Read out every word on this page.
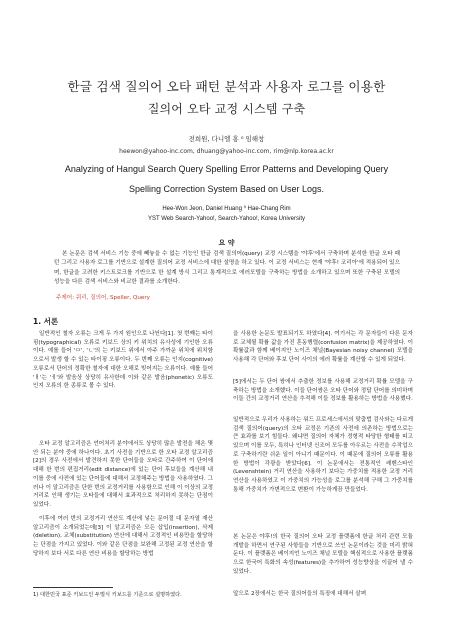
한글 검색 질의어 오타 패턴 분석과 사용자 로그를 이용한
질의어 오타 교정 시스템 구축
전희원, 다니엘 홍 ⁰ 임해창
heewon@yahoo-inc.com, dhuang@yahoo-inc.com, rim@nlp.korea.ac.kr
Analyzing of Hangul Search Query Spelling Error Patterns and Developing Query
Spelling Correction System Based on User Logs.
Hee-Won Jeon, Daniel Huang ⁰ Hae-Chang Rim
YST Web Search-Yahoo!, Search-Yahoo!, Korea University
요 약

본 논문은 검색 서비스 기능 중에 빼놓을 수 없는 기능인 한글 검색 질의어(query) 교정 시스템을 '야후'에서 구축하며 분석한 한글 오타 패턴 그리고 사용자 로그를 기반으로 설계한 질의어 교정 서비스에 대한 설명을 하고 있다. 이 교정 서비스는 현재 '야후! 코리아'에 적용되어 있으며, 한글을 고려한 키스트로크를 기반으로 한 설계 방식 그리고 통계적으로 에러모델을 구축하는 방법을 소개하고 있으며 또한 구축된 모델의 성능을 다른 검색 서비스와 비교한 결과를 소개한다.

주제어: 쿼리, 질의어, Speller, Query
1. 서론

일반적인 철자 오류는 크게 두 가지 원인으로 나뉜다[1]. 첫 번째는 타이핑(typographical) 오류로 키보드 상의 키 위치의 유사성에 기인한 오류이다. 예를 들어 'ㅁ', 'ㄴ'의 는 키보드 위에서 아주 가까운 위치에 위치함으로서 발생 할 수 있는 타이핑 오류이다. 두 번째 오류는 인지(cognitive) 오류로서 단어의 정확한 철자에 대한 오해로 빚어지는 오류이다. 예를 들어 'ㅐ'는 'ㅔ'와 발음상 상당히 유사한데 이와 같은 발음(phonetic) 오류도 인지 오류의 한 종류로 볼 수 있다.

오타 교정 알고리즘은 언어처리 분야에서도 상당히 많은 발전을 해온 몇 안 되는 분야 중에 하나이다. 초기 사전을 기반으로 한 오타 교정 알고리즘[2]의 경우 사전에서 발견하지 못한 단어들을 오타로 간주하여 이 단어에 대해 한 번의 편집거리(edit distance)에 있는 단어 후보들을 계산해 내 이를 중에 사전에 있는 단어들에 대해서 교정해주는 방법을 사용하였다. 그러나 이 알고리즘은 단한 번의 교정거리를 사용함으로 인해 이 이상의 교정거리로 인해 생기는 오타들에 대해서 효과적으로 처리하지 못하는 단점이 있었다.

이후에 여러 번의 교정거리 연산도 계산에 넣는 문어절 대 문자열 재산 알고리즘이 소개되었는데[3] 이 알고리즘은 모든 삽입(insertion), 삭제(deletion), 교체(substitution) 연산에 대해서 고정적인 비용만을 할당하는 단점을 가지고 있었다. 이와 같은 단점을 보완해 고정된 교정 연산을 할당하지 보다 서로 다른 연산 비용을 할당하는 방법

을 사용한 논문도 발표되기도 하였다[4]. 여기서는 각 문자들이 다른 문자로 교체될 확률 값을 가진 혼동행렬(confusion matrix)을 제공하였다. 이 확률값과 함께 베이지안 노이즈 채널(Bayesian noisy channel) 모델을 사용해 각 단어와 후보 단어 사이의 에러 확률을 계산할 수 있게 되었다.

[5]에서는 두 단어 쌍에서 추출한 정보를 사용해 교정거리 확률 모델을 구축하는 방법을 소개했다. 이들 단어쌍은 오타 단어와 정답 단어를 의미하며 이들 간의 교정거리 연산을 추적해 이들 정보를 활용하는 방법을 사용했다.

일반적으로 우리가 사용하는 워드 프로세스에서의 맞춤법 검사와는 다르게 검색 질의어(query)의 오타 교정은 기존의 사전에 의존하는 방법으로는 큰 효과를 보기 힘들다. 왜냐면 질의어 자체가 정형적 타당한 형태를 띠고 있으며 이를 모두, 특히나 인터넷 신조어 모두를 아우르는 사전을 수작업으로 구축하기란 쉬운 일이 아니기 때문이다. 이 때문에 질의어 오류를 활용한 방법이 각광을 받았다[6]. 이 논문에서는 전통적인 레벤스타인(Levenshtein) 거리 연산을 사용하기 보다는 가중치를 적용한 교정 거리 연산을 사용하였고 이 가중치의 가능성을 로그를 분석해 구해 그 가중치를 통해 가중치가 가변적으로 변환이 가능하게끔 만들었다.

본 논문은 야후!의 한국 질의어 오타 교정 플랫폼에 한글 처리 관련 모듈 개발을 하면서 연구된 사항들을 기반으로 쓰인 논문이라는 것을 미리 밝혀둔다. 이 플랫폼은 베이지언 노이즈 채널 모델을 핵심적으로 사용한 플랫폼으로 한국어 특화의 속성(features)을 추가하여 성능향상을 이끌어 낼 수 있었다.

앞으로 2장에서는 한국 질의어들의 특징에 대해서 살펴

1) 대한민국 표준 키보드인 두벌식 키보드를 기준으로 설명하였다.
